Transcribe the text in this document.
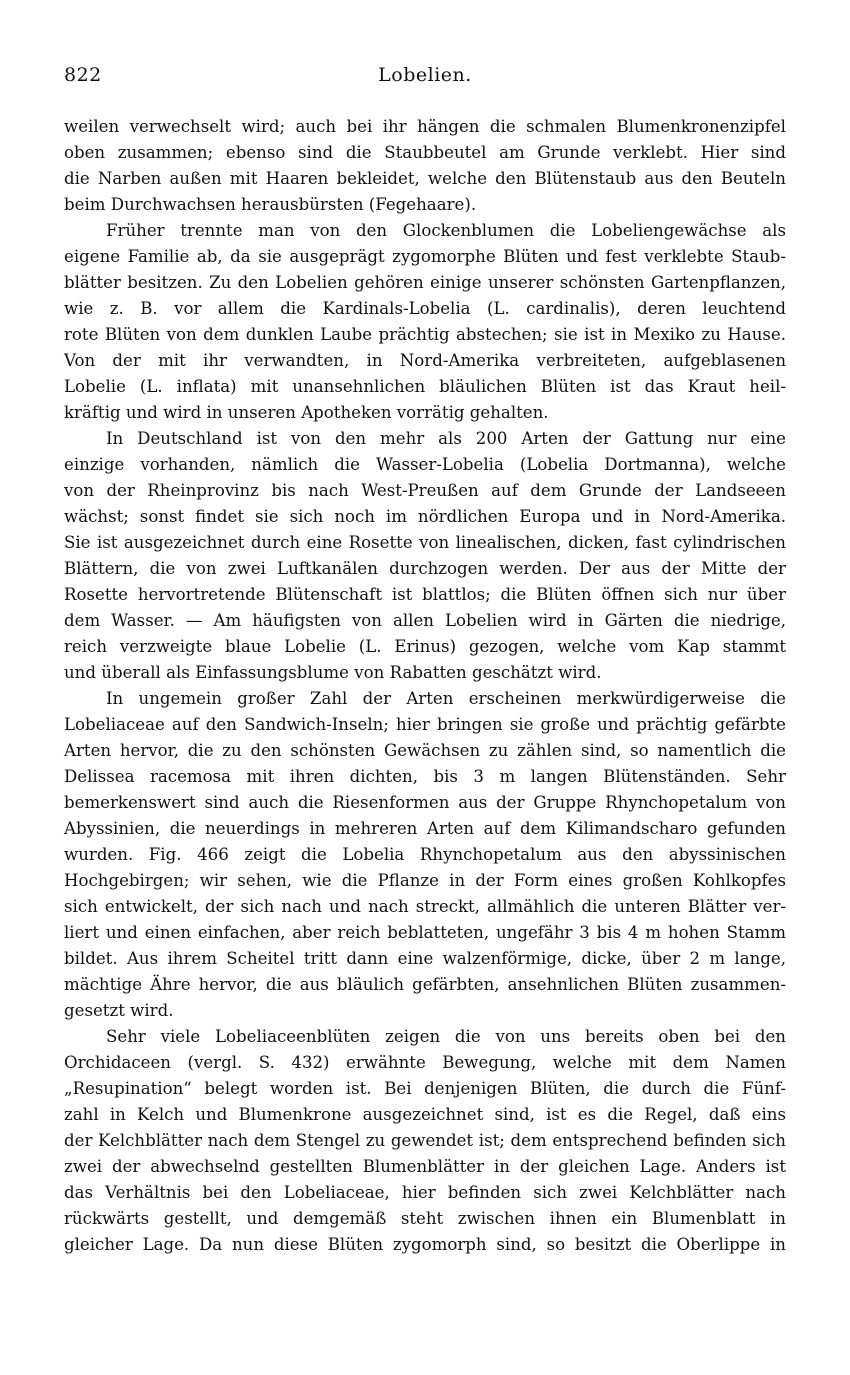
822	Lobelien.
weilen verwechselt wird; auch bei ihr hängen die schmalen Blumenkronenzipfel
oben zusammen; ebenso sind die Staubbeutel am Grunde verklebt. Hier sind
die Narben außen mit Haaren bekleidet, welche den Blütenstaub aus den Beuteln
beim Durchwachsen herausbürsten (Fegehaare).
Früher trennte man von den Glockenblumen die Lobeliengewächse als
eigene Familie ab, da sie ausgeprägt zygomorphe Blüten und fest verklebte Staub-
blätter besitzen. Zu den Lobelien gehören einige unserer schönsten Gartenpflanzen,
wie z. B. vor allem die Kardinals-Lobelia (L. cardinalis), deren leuchtend
rote Blüten von dem dunklen Laube prächtig abstechen; sie ist in Mexiko zu Hause.
Von der mit ihr verwandten, in Nord-Amerika verbreiteten, aufgeblasenen
Lobelie (L. inflata) mit unansehnlichen bläulichen Blüten ist das Kraut heil-
kräftig und wird in unseren Apotheken vorrätig gehalten.
In Deutschland ist von den mehr als 200 Arten der Gattung nur eine
einzige vorhanden, nämlich die Wasser-Lobelia (Lobelia Dortmanna), welche
von der Rheinprovinz bis nach West-Preußen auf dem Grunde der Landseeen
wächst; sonst findet sie sich noch im nördlichen Europa und in Nord-Amerika.
Sie ist ausgezeichnet durch eine Rosette von linealischen, dicken, fast cylindrischen
Blättern, die von zwei Luftkanälen durchzogen werden. Der aus der Mitte der
Rosette hervortretende Blütenschaft ist blattlos; die Blüten öffnen sich nur über
dem Wasser. — Am häufigsten von allen Lobelien wird in Gärten die niedrige,
reich verzweigte blaue Lobelie (L. Erinus) gezogen, welche vom Kap stammt
und überall als Einfassungsblume von Rabatten geschätzt wird.
In ungemein großer Zahl der Arten erscheinen merkwürdigerweise die
Lobeliaceae auf den Sandwich-Inseln; hier bringen sie große und prächtig gefärbte
Arten hervor, die zu den schönsten Gewächsen zu zählen sind, so namentlich die
Delissea racemosa mit ihren dichten, bis 3 m langen Blütenständen. Sehr
bemerkenswert sind auch die Riesenformen aus der Gruppe Rhynchopetalum von
Abyssinien, die neuerdings in mehreren Arten auf dem Kilimandscharo gefunden
wurden. Fig. 466 zeigt die Lobelia Rhynchopetalum aus den abyssinischen
Hochgebirgen; wir sehen, wie die Pflanze in der Form eines großen Kohlkopfes
sich entwickelt, der sich nach und nach streckt, allmählich die unteren Blätter ver-
liert und einen einfachen, aber reich beblatteten, ungefähr 3 bis 4 m hohen Stamm
bildet. Aus ihrem Scheitel tritt dann eine walzenförmige, dicke, über 2 m lange,
mächtige Ähre hervor, die aus bläulich gefärbten, ansehnlichen Blüten zusammen-
gesetzt wird.
Sehr viele Lobeliaceenblüten zeigen die von uns bereits oben bei den
Orchidaceen (vergl. S. 432) erwähnte Bewegung, welche mit dem Namen
„Resupination“ belegt worden ist. Bei denjenigen Blüten, die durch die Fünf-
zahl in Kelch und Blumenkrone ausgezeichnet sind, ist es die Regel, daß eins
der Kelchblätter nach dem Stengel zu gewendet ist; dem entsprechend befinden sich
zwei der abwechselnd gestellten Blumenblätter in der gleichen Lage. Anders ist
das Verhältnis bei den Lobeliaceae, hier befinden sich zwei Kelchblätter nach
rückwärts gestellt, und demgemäß steht zwischen ihnen ein Blumenblatt in
gleicher Lage. Da nun diese Blüten zygomorph sind, so besitzt die Oberlippe in
